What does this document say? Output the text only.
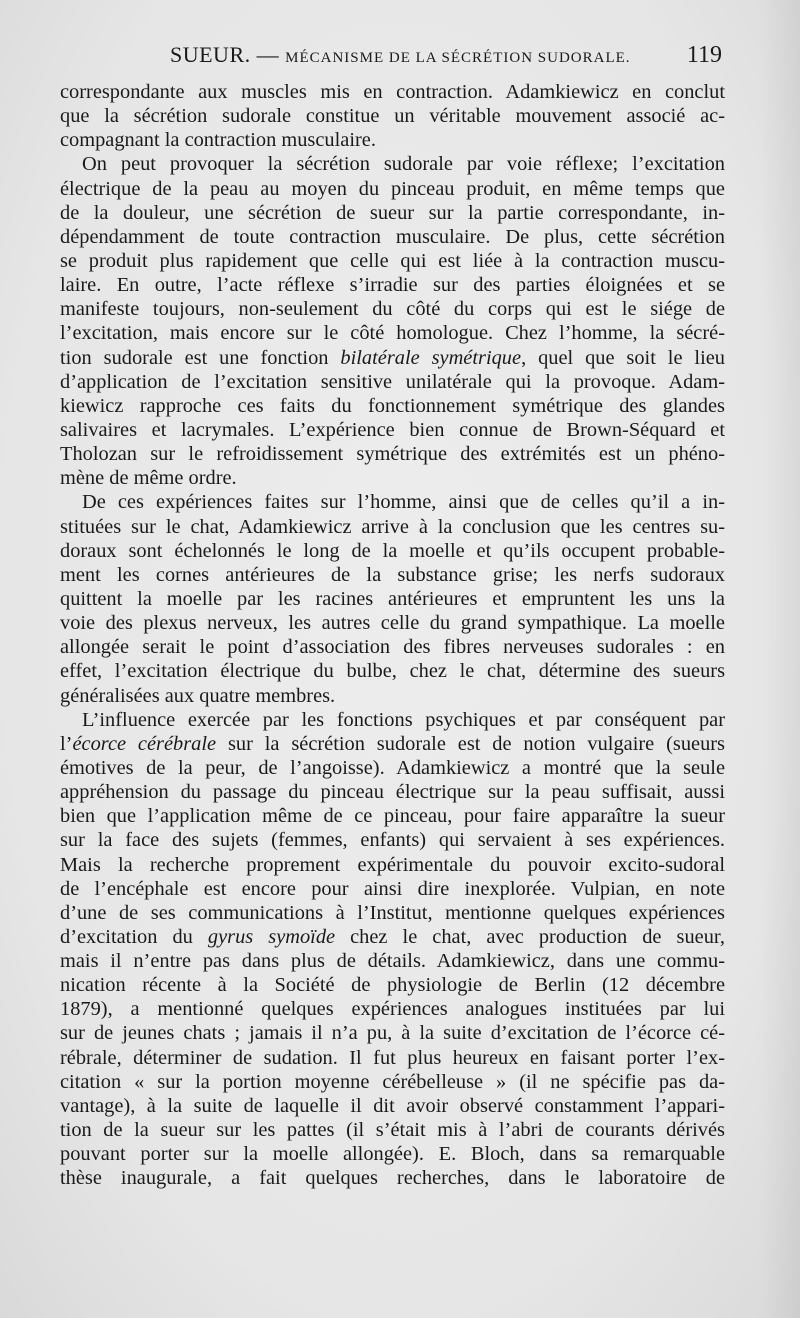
SUEUR. — MÉCANISME DE LA SÉCRÉTION SUDORALE. 119
correspondante aux muscles mis en contraction. Adamkiewicz en conclut
que la sécrétion sudorale constitue un véritable mouvement associé ac-
compagnant la contraction musculaire.
On peut provoquer la sécrétion sudorale par voie réflexe; l’excitation
électrique de la peau au moyen du pinceau produit, en même temps que
de la douleur, une sécrétion de sueur sur la partie correspondante, in-
dépendamment de toute contraction musculaire. De plus, cette sécrétion
se produit plus rapidement que celle qui est liée à la contraction muscu-
laire. En outre, l’acte réflexe s’irradie sur des parties éloignées et se
manifeste toujours, non-seulement du côté du corps qui est le siége de
l’excitation, mais encore sur le côté homologue. Chez l’homme, la sécré-
tion sudorale est une fonction bilatérale symétrique, quel que soit le lieu
d’application de l’excitation sensitive unilatérale qui la provoque. Adam-
kiewicz rapproche ces faits du fonctionnement symétrique des glandes
salivaires et lacrymales. L’expérience bien connue de Brown-Séquard et
Tholozan sur le refroidissement symétrique des extrémités est un phéno-
mène de même ordre.
De ces expériences faites sur l’homme, ainsi que de celles qu’il a in-
stituées sur le chat, Adamkiewicz arrive à la conclusion que les centres su-
doraux sont échelonnés le long de la moelle et qu’ils occupent probable-
ment les cornes antérieures de la substance grise; les nerfs sudoraux
quittent la moelle par les racines antérieures et empruntent les uns la
voie des plexus nerveux, les autres celle du grand sympathique. La moelle
allongée serait le point d’association des fibres nerveuses sudorales : en
effet, l’excitation électrique du bulbe, chez le chat, détermine des sueurs
généralisées aux quatre membres.
L’influence exercée par les fonctions psychiques et par conséquent par
l’écorce cérébrale sur la sécrétion sudorale est de notion vulgaire (sueurs
émotives de la peur, de l’angoisse). Adamkiewicz a montré que la seule
appréhension du passage du pinceau électrique sur la peau suffisait, aussi
bien que l’application même de ce pinceau, pour faire apparaître la sueur
sur la face des sujets (femmes, enfants) qui servaient à ses expériences.
Mais la recherche proprement expérimentale du pouvoir excito-sudoral
de l’encéphale est encore pour ainsi dire inexplorée. Vulpian, en note
d’une de ses communications à l’Institut, mentionne quelques expériences
d’excitation du gyrus symoïde chez le chat, avec production de sueur,
mais il n’entre pas dans plus de détails. Adamkiewicz, dans une commu-
nication récente à la Société de physiologie de Berlin (12 décembre
1879), a mentionné quelques expériences analogues instituées par lui
sur de jeunes chats ; jamais il n’a pu, à la suite d’excitation de l’écorce cé-
rébrale, déterminer de sudation. Il fut plus heureux en faisant porter l’ex-
citation « sur la portion moyenne cérébelleuse » (il ne spécifie pas da-
vantage), à la suite de laquelle il dit avoir observé constamment l’appari-
tion de la sueur sur les pattes (il s’était mis à l’abri de courants dérivés
pouvant porter sur la moelle allongée). E. Bloch, dans sa remarquable
thèse inaugurale, a fait quelques recherches, dans le laboratoire de
